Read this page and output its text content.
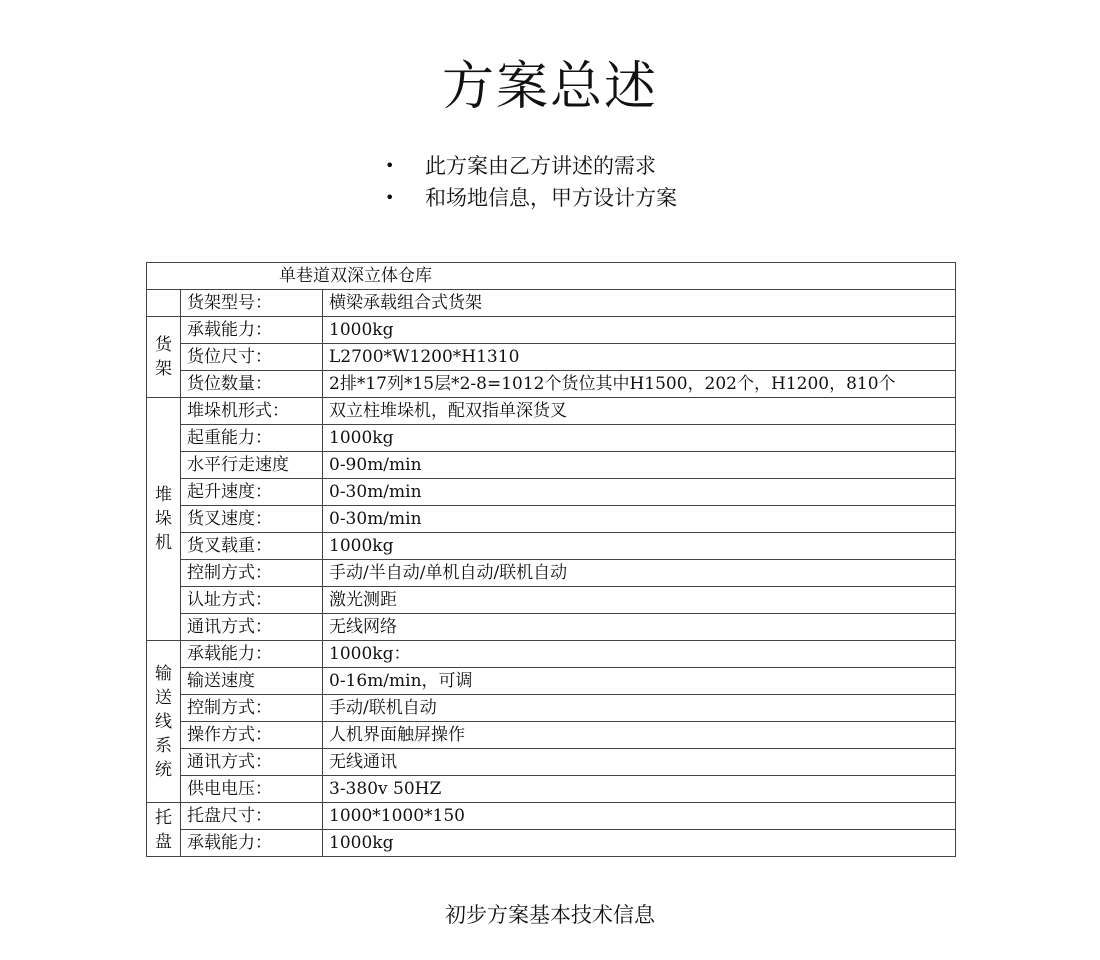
方案总述
•	此方案由乙方讲述的需求
•	和场地信息，甲方设计方案
单巷道双深立体仓库		
	货架型号：	横梁承载组合式货架
货架	承载能力：	1000kg
	货位尺寸：	L2700*W1200*H1310
	货位数量：	2排*17列*15层*2-8=1012个货位其中H1500，202个，H1200，810个
堆垛机	堆垛机形式：	双立柱堆垛机，配双指单深货叉
	起重能力：	1000kg
	水平行走速度	0-90m/min
	起升速度：	0-30m/min
	货叉速度：	0-30m/min
	货叉载重：	1000kg
	控制方式：	手动/半自动/单机自动/联机自动
	认址方式：	激光测距
	通讯方式：	无线网络
输送线系统	承载能力：	1000kg：
	输送速度	0-16m/min，可调
	控制方式：	手动/联机自动
	操作方式：	人机界面触屏操作
	通讯方式：	无线通讯
	供电电压：	3-380v 50HZ
托盘	托盘尺寸：	1000*1000*150
	承载能力：	1000kg
初步方案基本技术信息
